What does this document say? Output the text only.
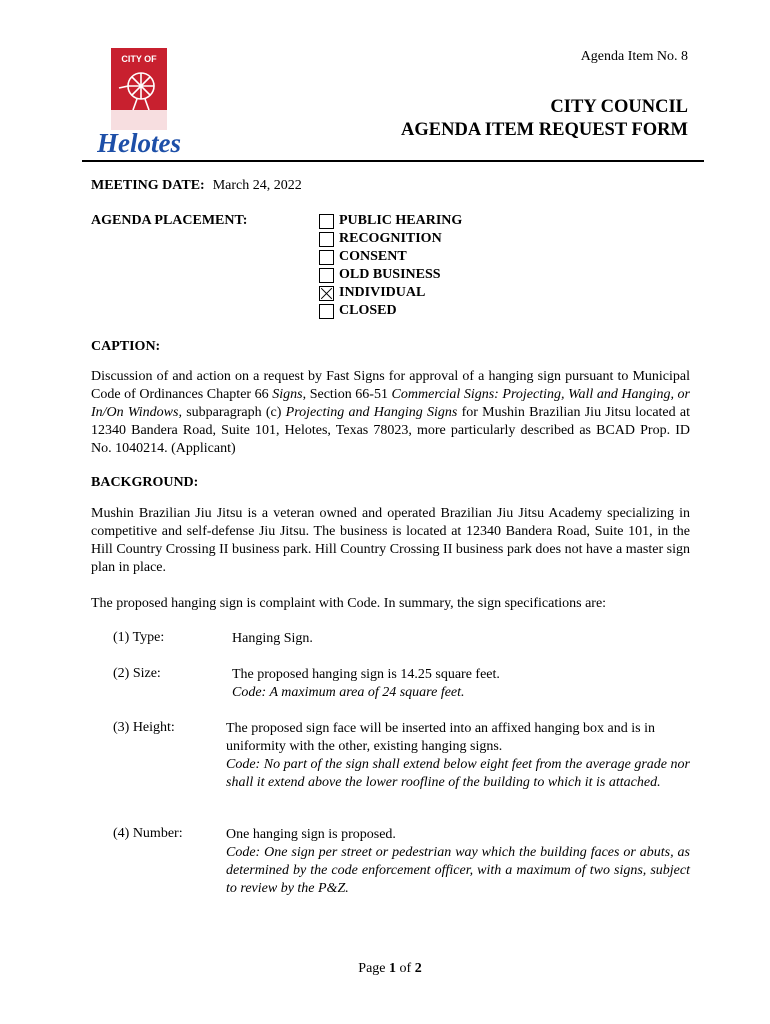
CITY OF
Helotes
Agenda Item No. 8
CITY COUNCIL
AGENDA ITEM REQUEST FORM
MEETING DATE: March 24, 2022
AGENDA PLACEMENT:	PUBLIC HEARING
RECOGNITION
CONSENT
OLD BUSINESS
INDIVIDUAL
CLOSED
CAPTION:
Discussion of and action on a request by Fast Signs for approval of a hanging sign pursuant to Municipal Code of Ordinances Chapter 66 Signs, Section 66-51 Commercial Signs: Projecting, Wall and Hanging, or In/On Windows, subparagraph (c) Projecting and Hanging Signs for Mushin Brazilian Jiu Jitsu located at 12340 Bandera Road, Suite 101, Helotes, Texas 78023, more particularly described as BCAD Prop. ID No. 1040214. (Applicant)
BACKGROUND:
Mushin Brazilian Jiu Jitsu is a veteran owned and operated Brazilian Jiu Jitsu Academy specializing in competitive and self-defense Jiu Jitsu. The business is located at 12340 Bandera Road, Suite 101, in the Hill Country Crossing II business park. Hill Country Crossing II business park does not have a master sign plan in place.
The proposed hanging sign is complaint with Code. In summary, the sign specifications are:
(1) Type:	Hanging Sign.
(2) Size:	The proposed hanging sign is 14.25 square feet.
Code: A maximum area of 24 square feet.
(3) Height:	The proposed sign face will be inserted into an affixed hanging box and is in uniformity with the other, existing hanging signs.
Code: No part of the sign shall extend below eight feet from the average grade nor shall it extend above the lower roofline of the building to which it is attached.
(4) Number:	One hanging sign is proposed.
Code: One sign per street or pedestrian way which the building faces or abuts, as determined by the code enforcement officer, with a maximum of two signs, subject to review by the P&Z.
Page 1 of 2
